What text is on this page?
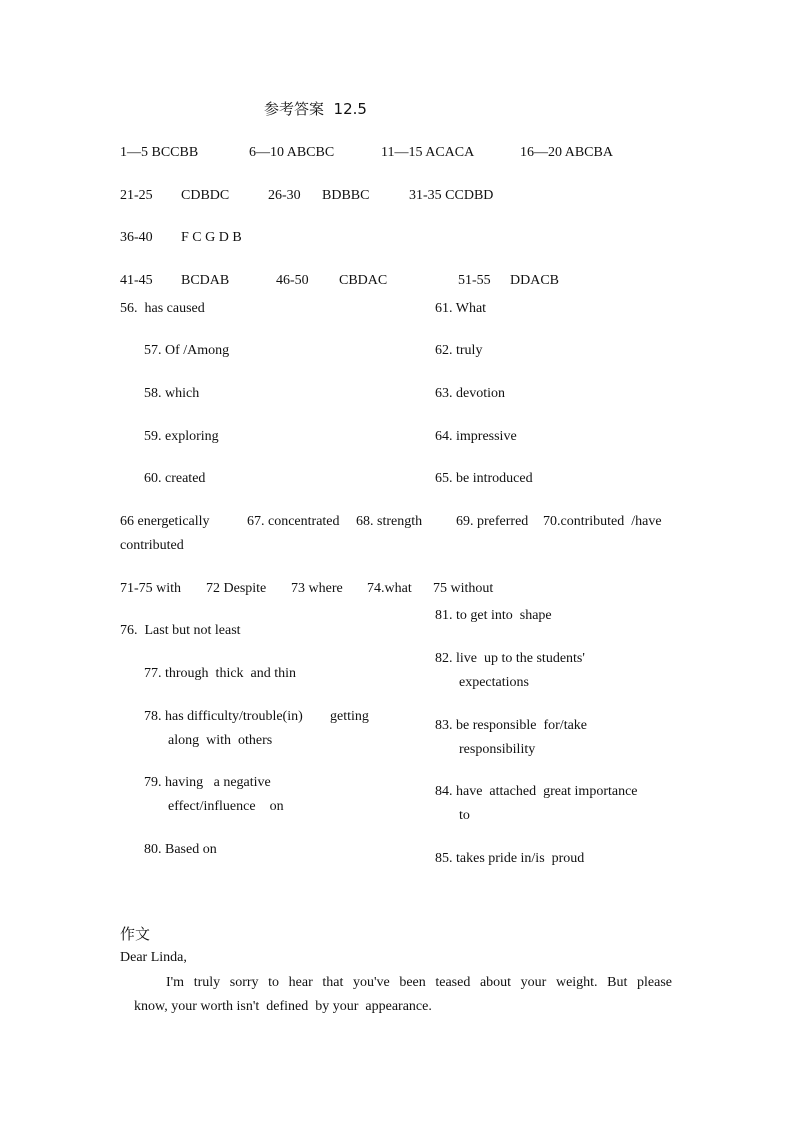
参考答案  12.5
1—5 BCCBB	6—10 ABCBC	11—15 ACACA	16—20 ABCBA
21-25 CDBDC	26-30 BDBBC	31-35 CCDBD
36-40 F C G D B
41-45 BCDAB	46-50 CBDAC	51-55 DDACB
56.  has caused
57. Of /Among
58. which
59. exploring
60. created
61. What
62. truly
63. devotion
64. impressive
65. be introduced
66 energetically	67. concentrated 68. strength 69. preferred 70.contributed  /have
contributed
71-75 with 72 Despite 73 where 74.what 75 without
76.  Last but not least
77. through  thick  and thin
78. has difficulty/trouble(in) getting
along  with  others
79. having   a negative
effect/influence    on
80. Based on
81. to get into  shape
82. live  up to the students'
expectations
83. be responsible  for/take
responsibility
84. have  attached  great importance
to
85. takes pride in/is  proud
作文
Dear Linda,
I'm truly sorry to hear that you've been teased about your weight. But please
know, your worth isn't  defined  by your  appearance.
